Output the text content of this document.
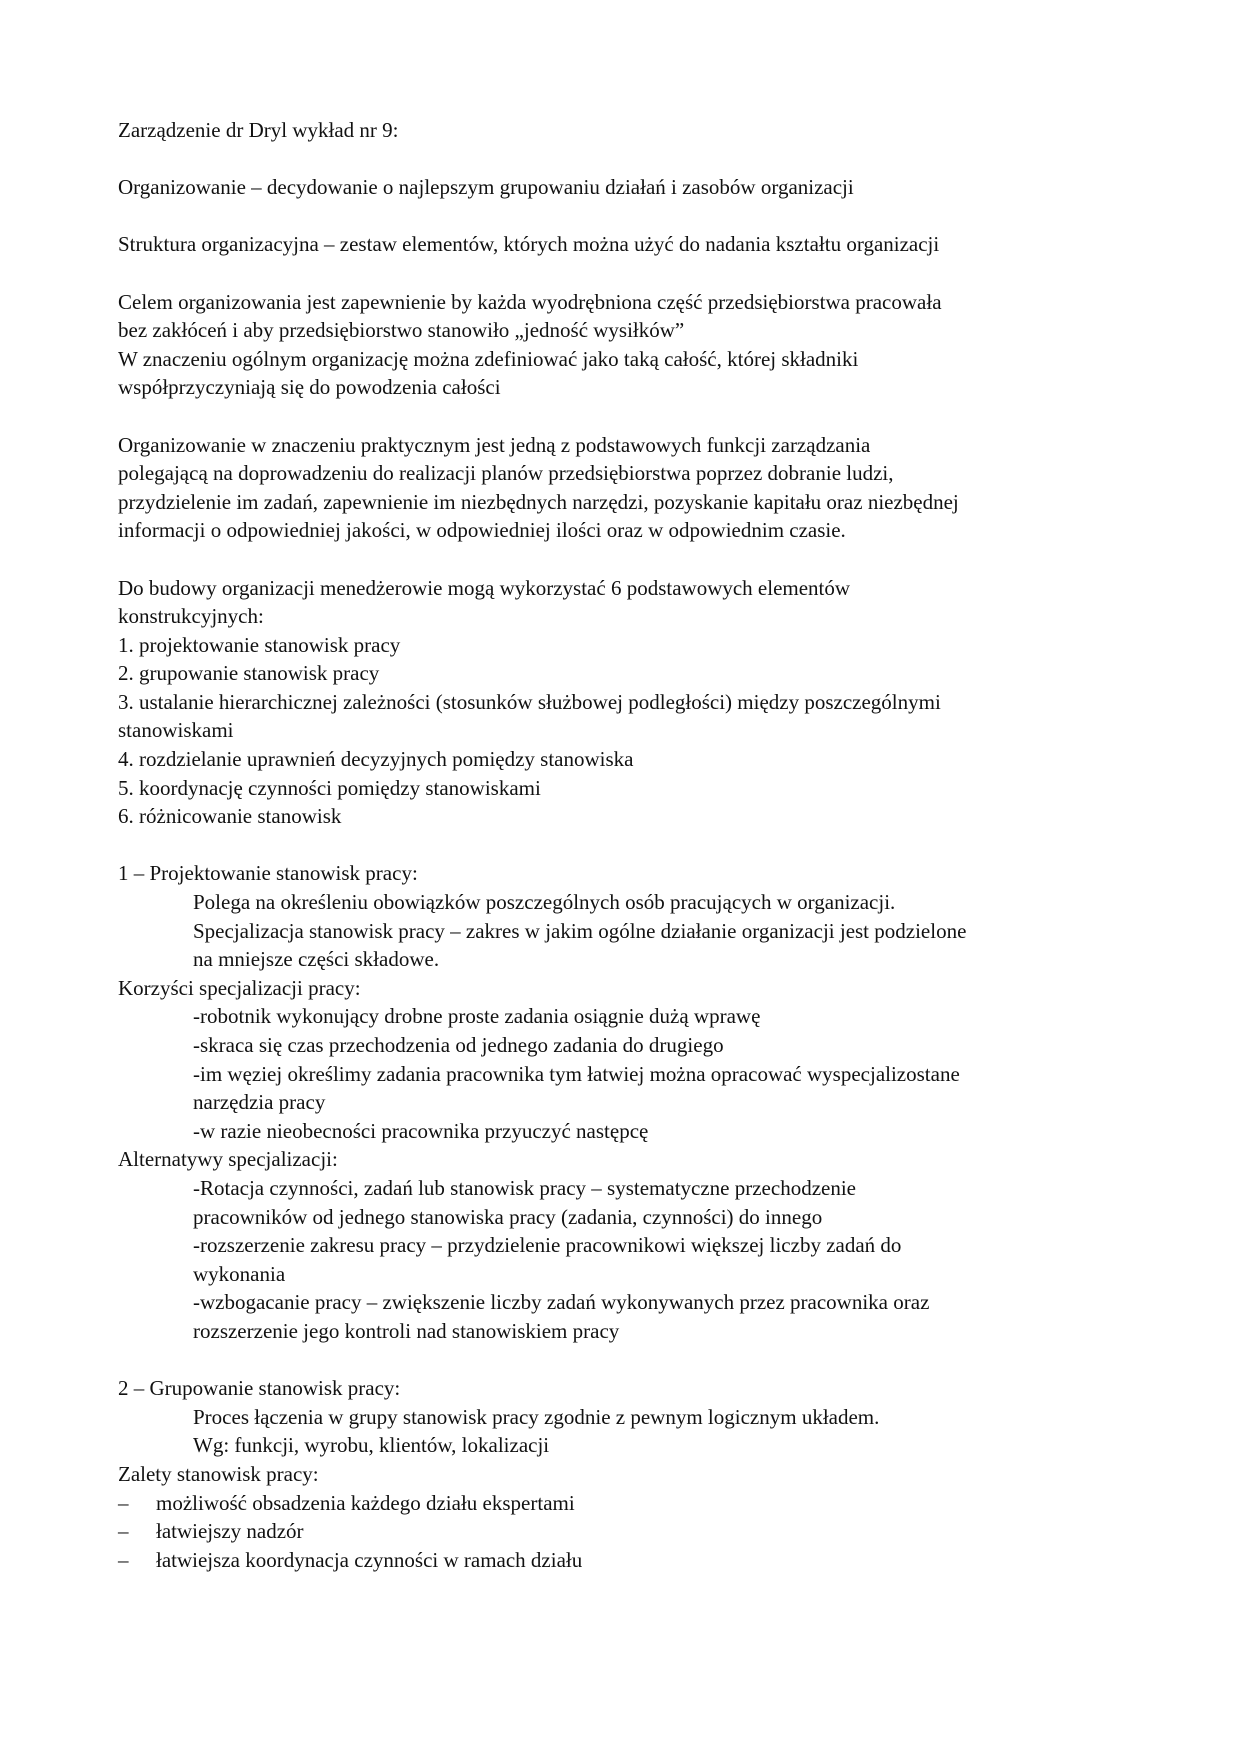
Zarządzenie dr Dryl wykład nr 9:
Organizowanie – decydowanie o najlepszym grupowaniu działań i zasobów organizacji
Struktura organizacyjna – zestaw elementów, których można użyć do nadania kształtu organizacji
Celem organizowania jest zapewnienie by każda wyodrębniona część przedsiębiorstwa pracowała
bez zakłóceń i aby przedsiębiorstwo stanowiło „jedność wysiłków”
W znaczeniu ogólnym organizację można zdefiniować jako taką całość, której składniki
współprzyczyniają się do powodzenia całości
Organizowanie w znaczeniu praktycznym jest jedną z podstawowych funkcji zarządzania
polegającą na doprowadzeniu do realizacji planów przedsiębiorstwa poprzez dobranie ludzi,
przydzielenie im zadań, zapewnienie im niezbędnych narzędzi, pozyskanie kapitału oraz niezbędnej
informacji o odpowiedniej jakości, w odpowiedniej ilości oraz w odpowiednim czasie.
Do budowy organizacji menedżerowie mogą wykorzystać 6 podstawowych elementów
konstrukcyjnych:
1. projektowanie stanowisk pracy
2. grupowanie stanowisk pracy
3. ustalanie hierarchicznej zależności (stosunków służbowej podległości) między poszczególnymi
stanowiskami
4. rozdzielanie uprawnień decyzyjnych pomiędzy stanowiska
5. koordynację czynności pomiędzy stanowiskami
6. różnicowanie stanowisk
1 – Projektowanie stanowisk pracy:
Polega na określeniu obowiązków poszczególnych osób pracujących w organizacji.
Specjalizacja stanowisk pracy – zakres w jakim ogólne działanie organizacji jest podzielone
na mniejsze części składowe.
Korzyści specjalizacji pracy:
-robotnik wykonujący drobne proste zadania osiągnie dużą wprawę
-skraca się czas przechodzenia od jednego zadania do drugiego
-im węziej określimy zadania pracownika tym łatwiej można opracować wyspecjalizostane
narzędzia pracy
-w razie nieobecności pracownika przyuczyć następcę
Alternatywy specjalizacji:
-Rotacja czynności, zadań lub stanowisk pracy – systematyczne przechodzenie
pracowników od jednego stanowiska pracy (zadania, czynności) do innego
-rozszerzenie zakresu pracy – przydzielenie pracownikowi większej liczby zadań do
wykonania
-wzbogacanie pracy – zwiększenie liczby zadań wykonywanych przez pracownika oraz
rozszerzenie jego kontroli nad stanowiskiem pracy
2 – Grupowanie stanowisk pracy:
Proces łączenia w grupy stanowisk pracy zgodnie z pewnym logicznym układem.
Wg: funkcji, wyrobu, klientów, lokalizacji
Zalety stanowisk pracy:
–	możliwość obsadzenia każdego działu ekspertami
–	łatwiejszy nadzór
–	łatwiejsza koordynacja czynności w ramach działu
